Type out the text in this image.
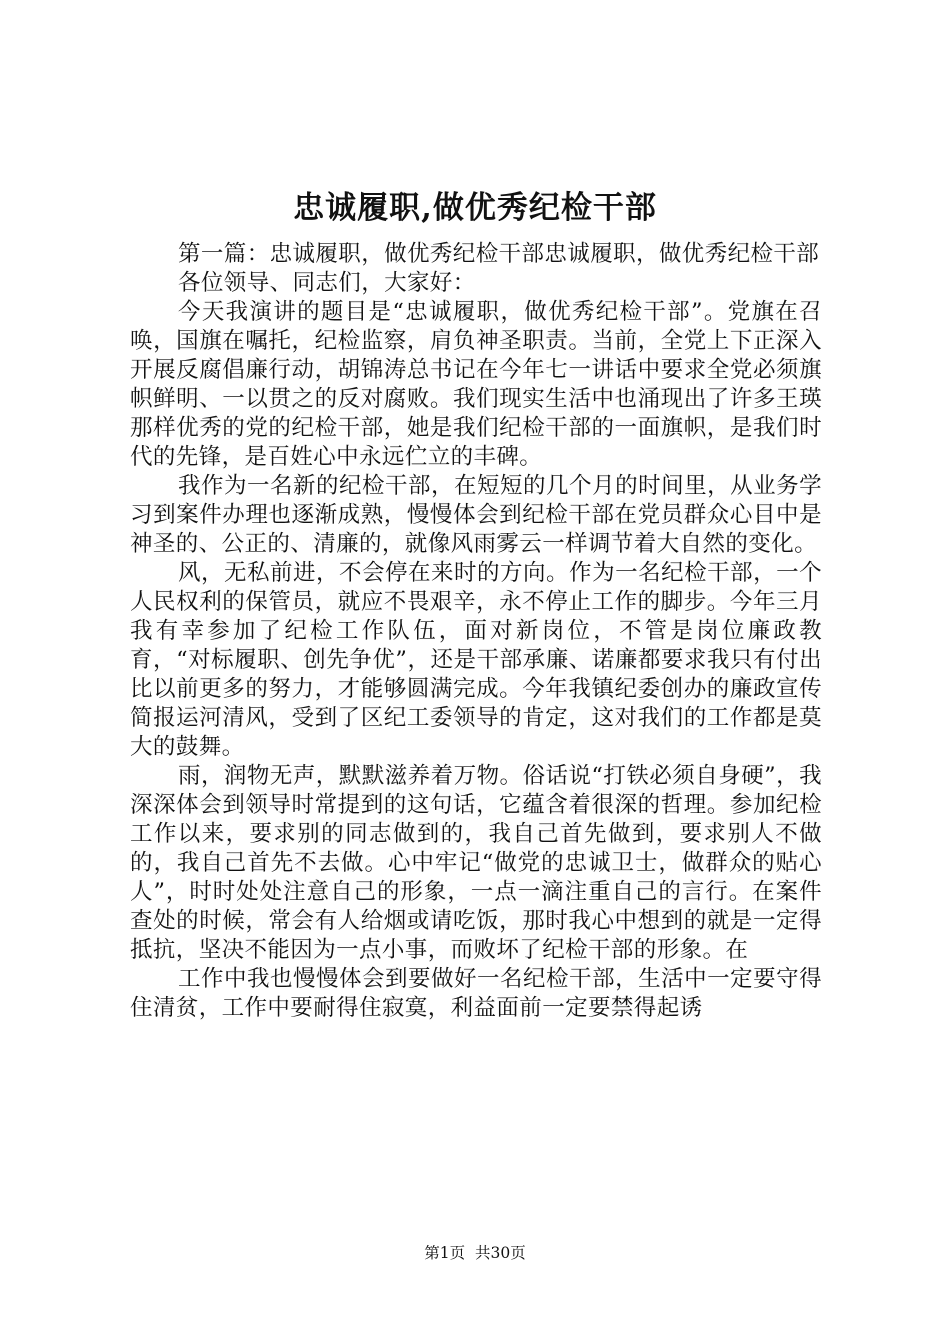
忠诚履职,做优秀纪检干部

第一篇：忠诚履职，做优秀纪检干部忠诚履职，做优秀纪检干部

各位领导、同志们，大家好：

今天我演讲的题目是“忠诚履职，做优秀纪检干部”。党旗在召唤，国旗在嘱托，纪检监察，肩负神圣职责。当前，全党上下正深入开展反腐倡廉行动，胡锦涛总书记在今年七一讲话中要求全党必须旗帜鲜明、一以贯之的反对腐败。我们现实生活中也涌现出了许多王瑛那样优秀的党的纪检干部，她是我们纪检干部的一面旗帜，是我们时代的先锋，是百姓心中永远伫立的丰碑。

我作为一名新的纪检干部，在短短的几个月的时间里，从业务学习到案件办理也逐渐成熟，慢慢体会到纪检干部在党员群众心目中是神圣的、公正的、清廉的，就像风雨雾云一样调节着大自然的变化。

风，无私前进，不会停在来时的方向。作为一名纪检干部，一个人民权利的保管员，就应不畏艰辛，永不停止工作的脚步。今年三月我有幸参加了纪检工作队伍，面对新岗位，不管是岗位廉政教育，“对标履职、创先争优”，还是干部承廉、诺廉都要求我只有付出比以前更多的努力，才能够圆满完成。今年我镇纪委创办的廉政宣传简报运河清风，受到了区纪工委领导的肯定，这对我们的工作都是莫大的鼓舞。

雨，润物无声，默默滋养着万物。俗话说“打铁必须自身硬”，我深深体会到领导时常提到的这句话，它蕴含着很深的哲理。参加纪检工作以来，要求别的同志做到的，我自己首先做到，要求别人不做的，我自己首先不去做。心中牢记“做党的忠诚卫士，做群众的贴心人”，时时处处注意自己的形象，一点一滴注重自己的言行。在案件查处的时候，常会有人给烟或请吃饭，那时我心中想到的就是一定得抵抗，坚决不能因为一点小事，而败坏了纪检干部的形象。在

工作中我也慢慢体会到要做好一名纪检干部，生活中一定要守得住清贫，工作中要耐得住寂寞，利益面前一定要禁得起诱

第1页 共30页
